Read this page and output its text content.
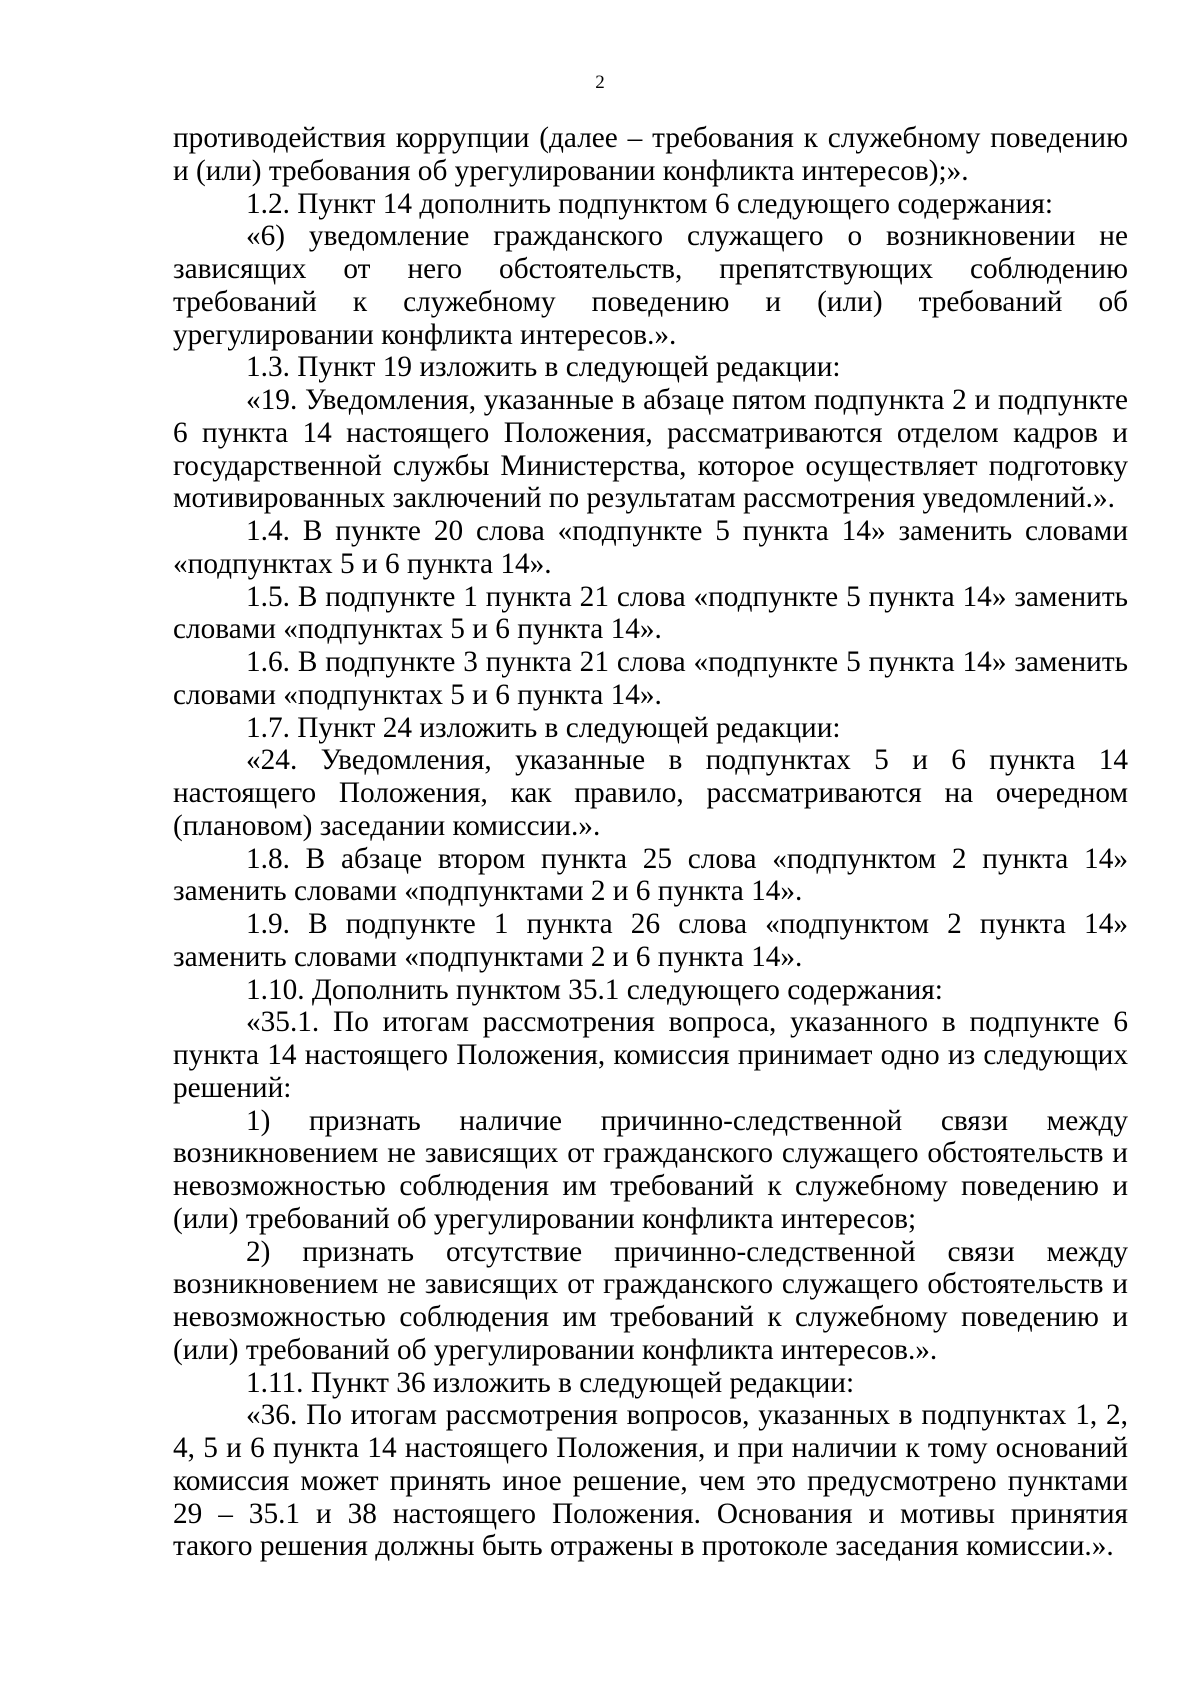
2

противодействия коррупции (далее – требования к служебному поведению и (или) требования об урегулировании конфликта интересов);».

1.2. Пункт 14 дополнить подпунктом 6 следующего содержания:

«6) уведомление гражданского служащего о возникновении не зависящих от него обстоятельств, препятствующих соблюдению требований к служебному поведению и (или) требований об урегулировании конфликта интересов.».

1.3. Пункт 19 изложить в следующей редакции:

«19. Уведомления, указанные в абзаце пятом подпункта 2 и подпункте 6 пункта 14 настоящего Положения, рассматриваются отделом кадров и государственной службы Министерства, которое осуществляет подготовку мотивированных заключений по результатам рассмотрения уведомлений.».

1.4. В пункте 20 слова «подпункте 5 пункта 14» заменить словами «подпунктах 5 и 6 пункта 14».

1.5. В подпункте 1 пункта 21 слова «подпункте 5 пункта 14» заменить словами «подпунктах 5 и 6 пункта 14».

1.6. В подпункте 3 пункта 21 слова «подпункте 5 пункта 14» заменить словами «подпунктах 5 и 6 пункта 14».

1.7. Пункт 24 изложить в следующей редакции:

«24. Уведомления, указанные в подпунктах 5 и 6 пункта 14 настоящего Положения, как правило, рассматриваются на очередном (плановом) заседании комиссии.».

1.8. В абзаце втором пункта 25 слова «подпунктом 2 пункта 14» заменить словами «подпунктами 2 и 6 пункта 14».

1.9. В подпункте 1 пункта 26 слова «подпунктом 2 пункта 14» заменить словами «подпунктами 2 и 6 пункта 14».

1.10. Дополнить пунктом 35.1 следующего содержания:

«35.1. По итогам рассмотрения вопроса, указанного в подпункте 6 пункта 14 настоящего Положения, комиссия принимает одно из следующих решений:

1) признать наличие причинно-следственной связи между возникновением не зависящих от гражданского служащего обстоятельств и невозможностью соблюдения им требований к служебному поведению и (или) требований об урегулировании конфликта интересов;

2) признать отсутствие причинно-следственной связи между возникновением не зависящих от гражданского служащего обстоятельств и невозможностью соблюдения им требований к служебному поведению и (или) требований об урегулировании конфликта интересов.».

1.11. Пункт 36 изложить в следующей редакции:

«36. По итогам рассмотрения вопросов, указанных в подпунктах 1, 2, 4, 5 и 6 пункта 14 настоящего Положения, и при наличии к тому оснований комиссия может принять иное решение, чем это предусмотрено пунктами 29 – 35.1 и 38 настоящего Положения. Основания и мотивы принятия такого решения должны быть отражены в протоколе заседания комиссии.».
